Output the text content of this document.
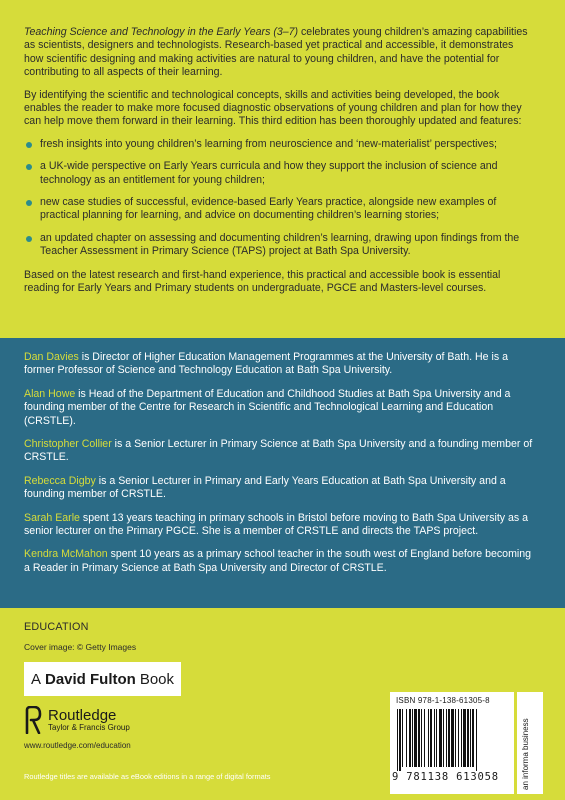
Teaching Science and Technology in the Early Years (3–7) celebrates young children’s amazing capabilities as scientists, designers and technologists. Research-based yet practical and accessible, it demonstrates how scientific designing and making activities are natural to young children, and have the potential for contributing to all aspects of their learning.

By identifying the scientific and technological concepts, skills and activities being developed, the book enables the reader to make more focused diagnostic observations of young children and plan for how they can help move them forward in their learning. This third edition has been thoroughly updated and features:

fresh insights into young children’s learning from neuroscience and ‘new-materialist’ perspectives;
a UK-wide perspective on Early Years curricula and how they support the inclusion of science and technology as an entitlement for young children;
new case studies of successful, evidence-based Early Years practice, alongside new examples of practical planning for learning, and advice on documenting children’s learning stories;
an updated chapter on assessing and documenting children’s learning, drawing upon findings from the Teacher Assessment in Primary Science (TAPS) project at Bath Spa University.

Based on the latest research and first-hand experience, this practical and accessible book is essential reading for Early Years and Primary students on undergraduate, PGCE and Masters-level courses.

Dan Davies is Director of Higher Education Management Programmes at the University of Bath. He is a former Professor of Science and Technology Education at Bath Spa University.

Alan Howe is Head of the Department of Education and Childhood Studies at Bath Spa University and a founding member of the Centre for Research in Scientific and Technological Learning and Education (CRSTLE).

Christopher Collier is a Senior Lecturer in Primary Science at Bath Spa University and a founding member of CRSTLE.

Rebecca Digby is a Senior Lecturer in Primary and Early Years Education at Bath Spa University and a founding member of CRSTLE.

Sarah Earle spent 13 years teaching in primary schools in Bristol before moving to Bath Spa University as a senior lecturer on the Primary PGCE. She is a member of CRSTLE and directs the TAPS project.

Kendra McMahon spent 10 years as a primary school teacher in the south west of England before becoming a Reader in Primary Science at Bath Spa University and Director of CRSTLE.

EDUCATION
Cover image: © Getty Images
A David Fulton Book
Routledge
Taylor & Francis Group
www.routledge.com/education
Routledge titles are available as eBook editions in a range of digital formats
ISBN 978-1-138-61305-8
9 781138 613058	an informa business
